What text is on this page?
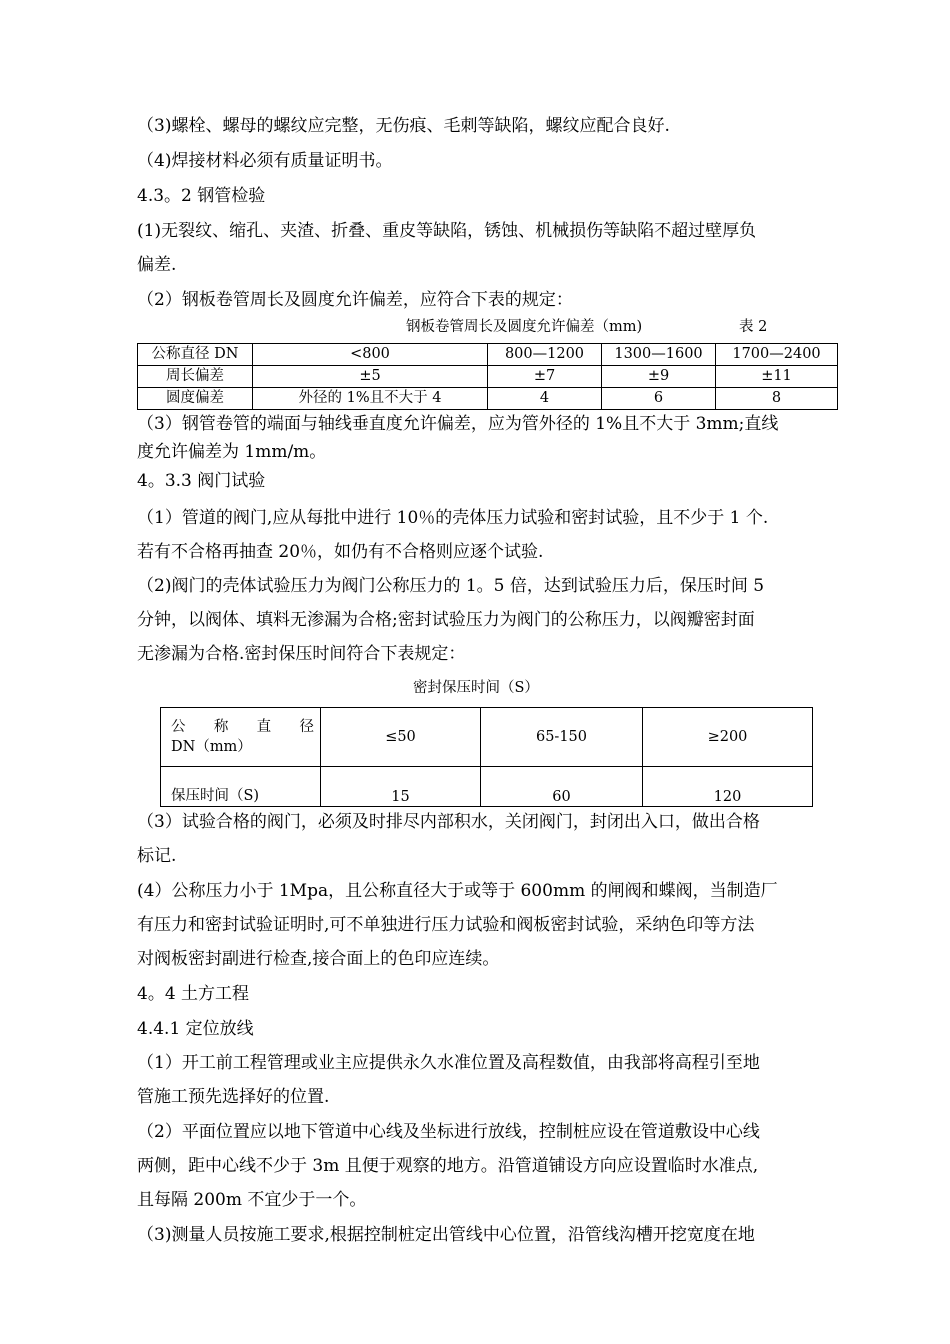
（3)螺栓、螺母的螺纹应完整，无伤痕、毛刺等缺陷，螺纹应配合良好.
（4)焊接材料必须有质量证明书。
4.3。2 钢管检验
(1)无裂纹、缩孔、夹渣、折叠、重皮等缺陷，锈蚀、机械损伤等缺陷不超过壁厚负
偏差.
（2）钢板卷管周长及圆度允许偏差，应符合下表的规定：
钢板卷管周长及圆度允许偏差（mm)	表 2
公称直径 DN	<800	800—1200	1300—1600	1700—2400
周长偏差	±5	±7	±9	±11
圆度偏差	外径的 1%且不大于 4	4	6	8
（3）钢管卷管的端面与轴线垂直度允许偏差，应为管外径的 1%且不大于 3mm;直线
度允许偏差为 1mm/m。
4。3.3 阀门试验
（1）管道的阀门,应从每批中进行 10％的壳体压力试验和密封试验，且不少于 1 个.
若有不合格再抽查 20％，如仍有不合格则应逐个试验.
（2)阀门的壳体试验压力为阀门公称压力的 1。5 倍，达到试验压力后，保压时间 5
分钟，以阀体、填料无渗漏为合格;密封试验压力为阀门的公称压力，以阀瓣密封面
无渗漏为合格.密封保压时间符合下表规定：
密封保压时间（S）
公 称 直 径
DN（mm）	≤50	65-150	≥200
保压时间（S)	15	60	120
（3）试验合格的阀门，必须及时排尽内部积水，关闭阀门，封闭出入口，做出合格
标记.
(4）公称压力小于 1Mpa，且公称直径大于或等于 600mm 的闸阀和蝶阀，当制造厂
有压力和密封试验证明时,可不单独进行压力试验和阀板密封试验，采纳色印等方法
对阀板密封副进行检查,接合面上的色印应连续。
4。4 土方工程
4.4.1 定位放线
（1）开工前工程管理或业主应提供永久水准位置及高程数值，由我部将高程引至地
管施工预先选择好的位置.
（2）平面位置应以地下管道中心线及坐标进行放线，控制桩应设在管道敷设中心线
两侧，距中心线不少于 3m 且便于观察的地方。沿管道铺设方向应设置临时水准点,
且每隔 200m 不宜少于一个。
（3)测量人员按施工要求,根据控制桩定出管线中心位置，沿管线沟槽开挖宽度在地
